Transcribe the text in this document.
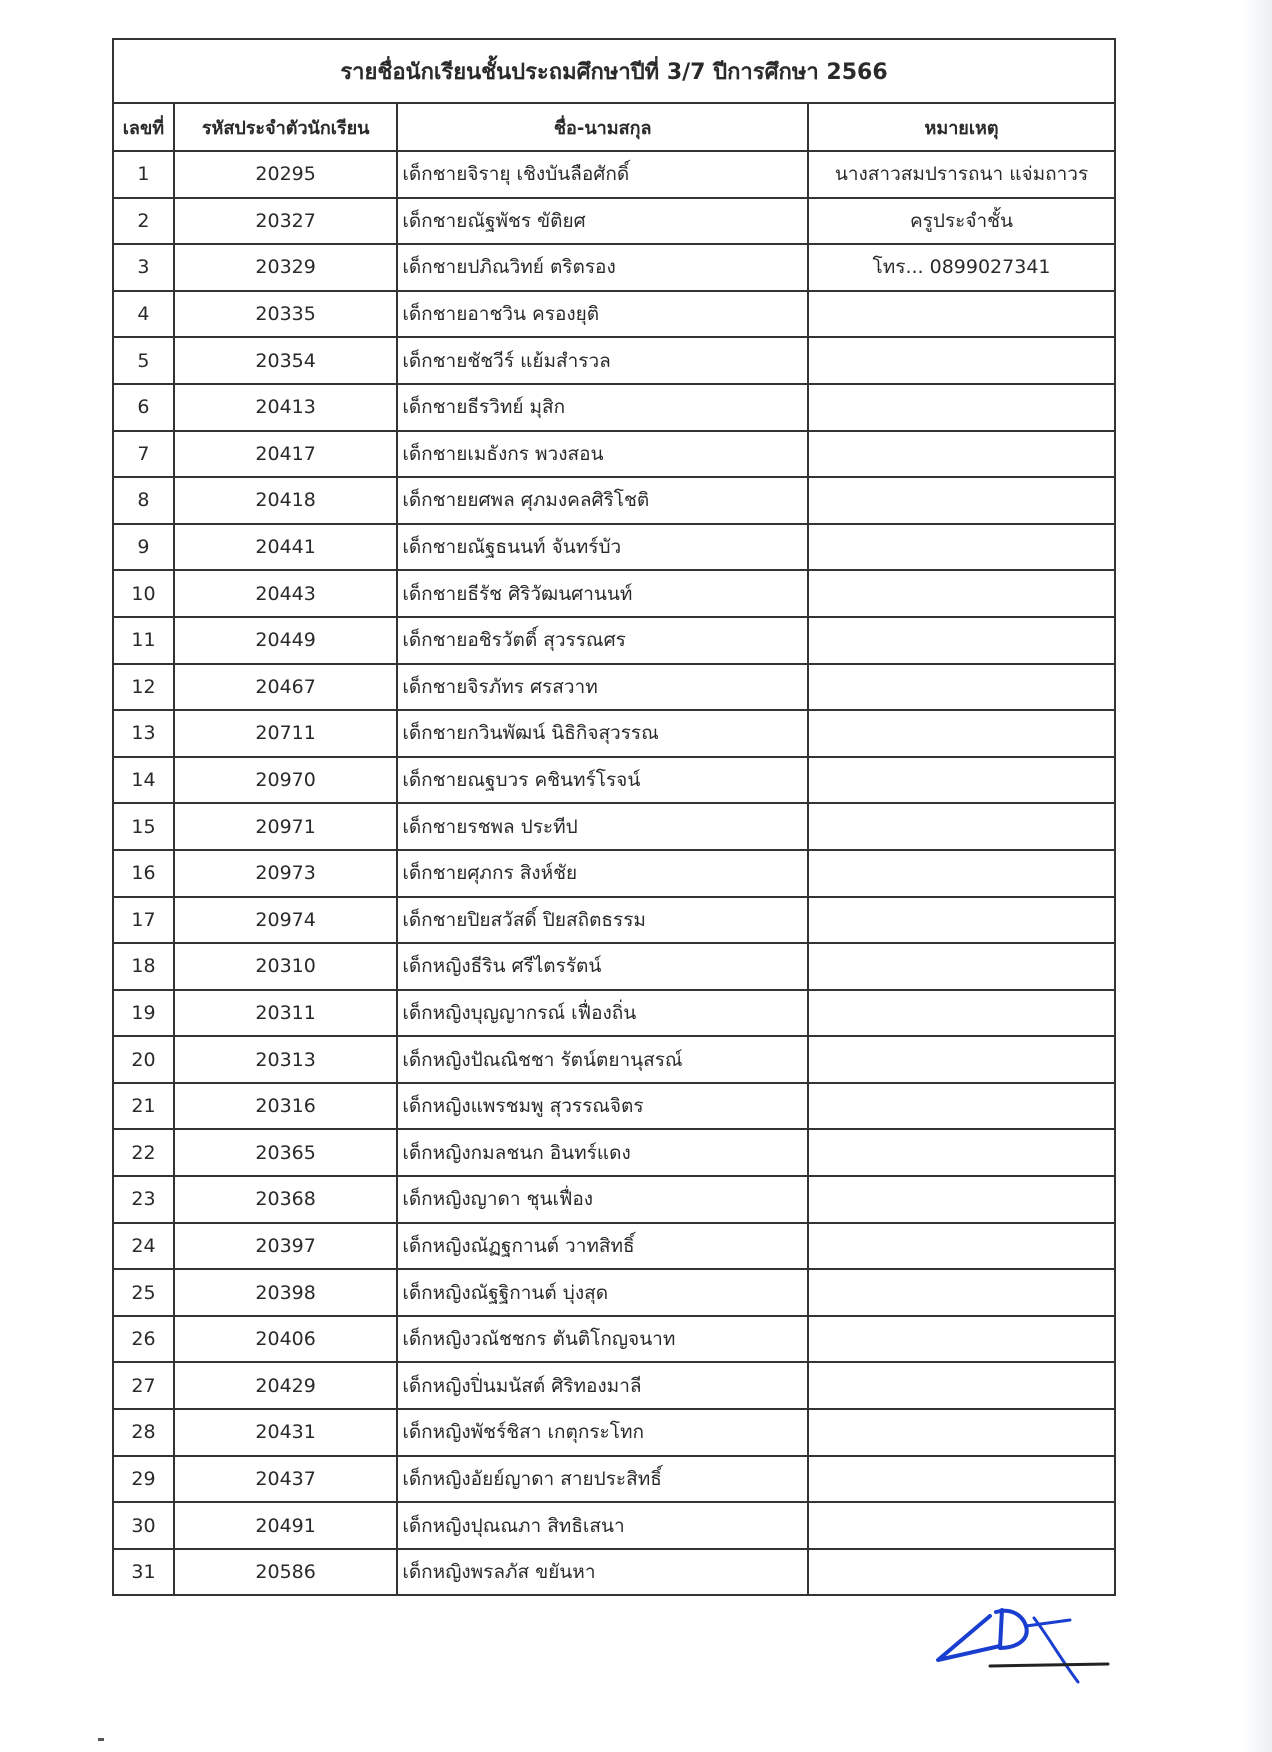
รายชื่อนักเรียนชั้นประถมศึกษาปีที่ 3/7 ปีการศึกษา 2566			
เลขที่	รหัสประจำตัวนักเรียน	ชื่อ-นามสกุล	หมายเหตุ
1	20295	เด็กชายจิรายุ เชิงบันลือศักดิ์	นางสาวสมปรารถนา แจ่มถาวร
2	20327	เด็กชายณัฐพัชร ขัติยศ	ครูประจำชั้น
3	20329	เด็กชายปภิณวิทย์ ตริตรอง	โทร... 0899027341
4	20335	เด็กชายอาชวิน ครองยุติ	
5	20354	เด็กชายชัชวีร์ แย้มสำรวล	
6	20413	เด็กชายธีรวิทย์ มุสิก	
7	20417	เด็กชายเมธังกร พวงสอน	
8	20418	เด็กชายยศพล ศุภมงคลศิริโชติ	
9	20441	เด็กชายณัฐธนนท์ จันทร์บัว	
10	20443	เด็กชายธีรัช ศิริวัฒนศานนท์	
11	20449	เด็กชายอชิรวัตติ์ สุวรรณศร	
12	20467	เด็กชายจิรภัทร ศรสวาท	
13	20711	เด็กชายกวินพัฒน์ นิธิกิจสุวรรณ	
14	20970	เด็กชายณฐบวร คชินทร์โรจน์	
15	20971	เด็กชายรชพล ประทีป	
16	20973	เด็กชายศุภกร สิงห์ชัย	
17	20974	เด็กชายปิยสวัสดิ์ ปิยสถิตธรรม	
18	20310	เด็กหญิงธีริน ศรีไตรรัตน์	
19	20311	เด็กหญิงบุญญากรณ์ เฟื่องถิ่น	
20	20313	เด็กหญิงปัณณิชชา รัตน์ตยานุสรณ์	
21	20316	เด็กหญิงแพรชมพู สุวรรณจิตร	
22	20365	เด็กหญิงกมลชนก อินทร์แดง	
23	20368	เด็กหญิงญาดา ชุนเฟื่อง	
24	20397	เด็กหญิงณัฏฐกานต์ วาทสิทธิ์	
25	20398	เด็กหญิงณัฐฐิกานต์ บุ่งสุด	
26	20406	เด็กหญิงวณัชชกร ตันติโกญจนาท	
27	20429	เด็กหญิงปิ่นมนัสต์ ศิริทองมาลี	
28	20431	เด็กหญิงพัชร์ชิสา เกตุกระโทก	
29	20437	เด็กหญิงอัยย์ญาดา สายประสิทธิ์	
30	20491	เด็กหญิงปุณณภา สิทธิเสนา	
31	20586	เด็กหญิงพรลภัส ขยันหา	
